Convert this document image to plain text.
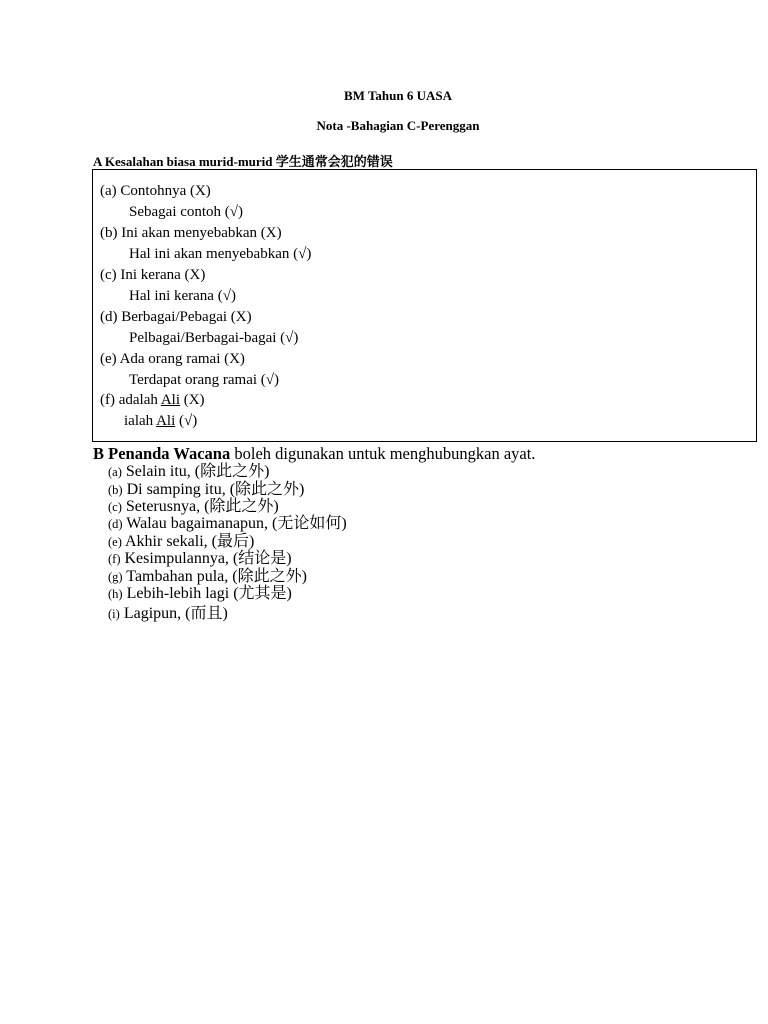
BM Tahun 6 UASA
Nota -Bahagian C-Perenggan
A Kesalahan biasa murid-murid 学生通常会犯的错误
(a) Contohnya (X)
Sebagai contoh (√)
(b) Ini akan menyebabkan (X)
Hal ini akan menyebabkan (√)
(c) Ini kerana (X)
Hal ini kerana (√)
(d) Berbagai/Pebagai (X)
Pelbagai/Berbagai-bagai (√)
(e) Ada orang ramai (X)
Terdapat orang ramai (√)
(f) adalah Ali (X)
ialah Ali (√)
B Penanda Wacana boleh digunakan untuk menghubungkan ayat.
(a) Selain itu, (除此之外)
(b) Di samping itu, (除此之外)
(c) Seterusnya, (除此之外)
(d) Walau bagaimanapun, (无论如何)
(e) Akhir sekali, (最后)
(f) Kesimpulannya, (结论是)
(g) Tambahan pula, (除此之外)
(h) Lebih-lebih lagi (尤其是)
(i) Lagipun, (而且)
